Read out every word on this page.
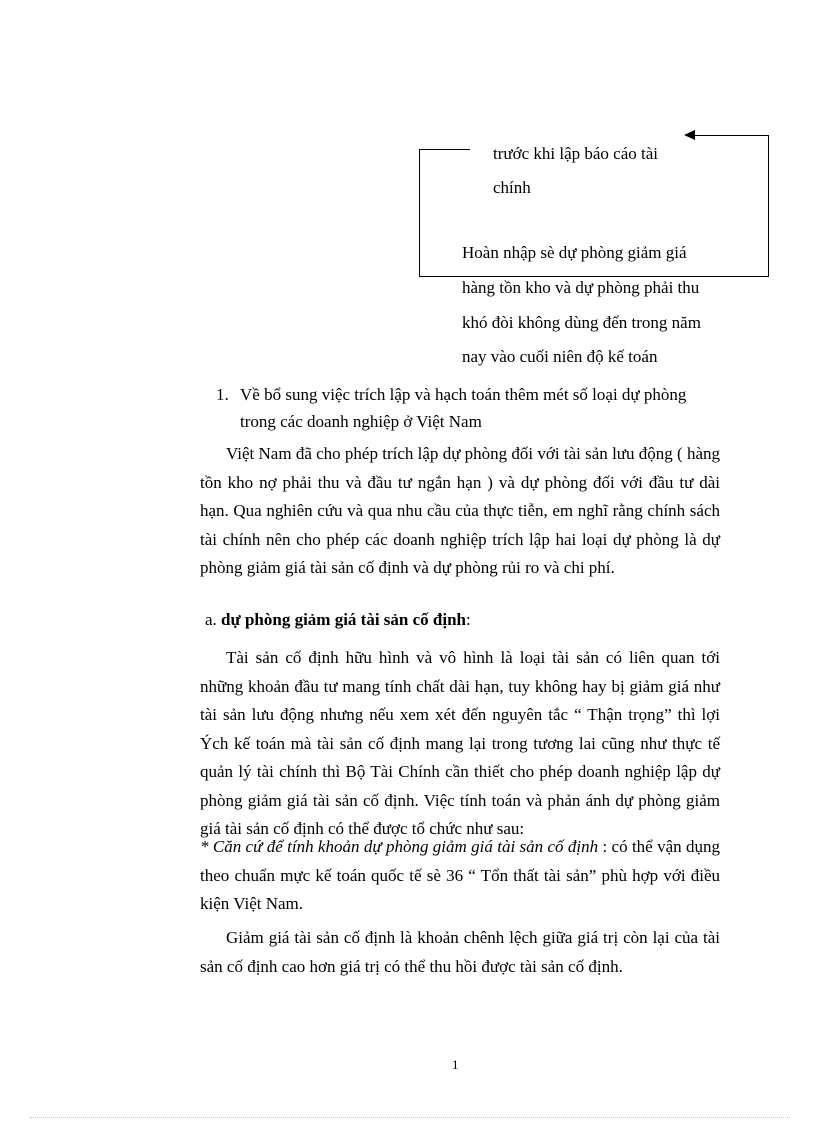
trước khi lập báo cáo tài
chính
Hoàn nhập sè dự phòng giảm giá
hàng tồn kho và dự phòng phải thu
khó đòi không dùng đến trong năm
nay vào cuối niên độ kế toán
1. Về bổ sung việc trích lập và hạch toán thêm mét số loại dự phòng trong các doanh nghiệp ở Việt Nam
Việt Nam đã cho phép trích lập dự phòng đối với tài sản lưu động ( hàng tồn kho nợ phải thu và đầu tư ngắn hạn ) và dự phòng đối với đầu tư dài hạn. Qua nghiên cứu và qua nhu cầu của thực tiễn, em nghĩ rằng chính sách tài chính nên cho phép các doanh nghiệp trích lập hai loại dự phòng là dự phòng giảm giá tài sản cố định và dự phòng rủi ro và chi phí.
a. dự phòng giảm giá tài sản cố định:
Tài sản cố định hữu hình và vô hình là loại tài sản có liên quan tới những khoản đầu tư mang tính chất dài hạn, tuy không hay bị giảm giá như tài sản lưu động nhưng nếu xem xét đến nguyên tắc “ Thận trọng” thì lợi Ých kế toán mà tài sản cố định mang lại trong tương lai cũng như thực tế quản lý tài chính thì Bộ Tài Chính cần thiết cho phép doanh nghiệp lập dự phòng giảm giá tài sản cố định. Việc tính toán và phản ánh dự phòng giảm giá tài sản cố định có thể được tổ chức như sau:
* Căn cứ để tính khoản dự phòng giảm giá tài sản cố định : có thể vận dụng theo chuẩn mực kế toán quốc tế sè 36 “ Tổn thất tài sản” phù hợp với điều kiện Việt Nam.
Giảm giá tài sản cố định là khoản chênh lệch giữa giá trị còn lại của tài sản cố định cao hơn giá trị có thể thu hồi được tài sản cố định.
1
